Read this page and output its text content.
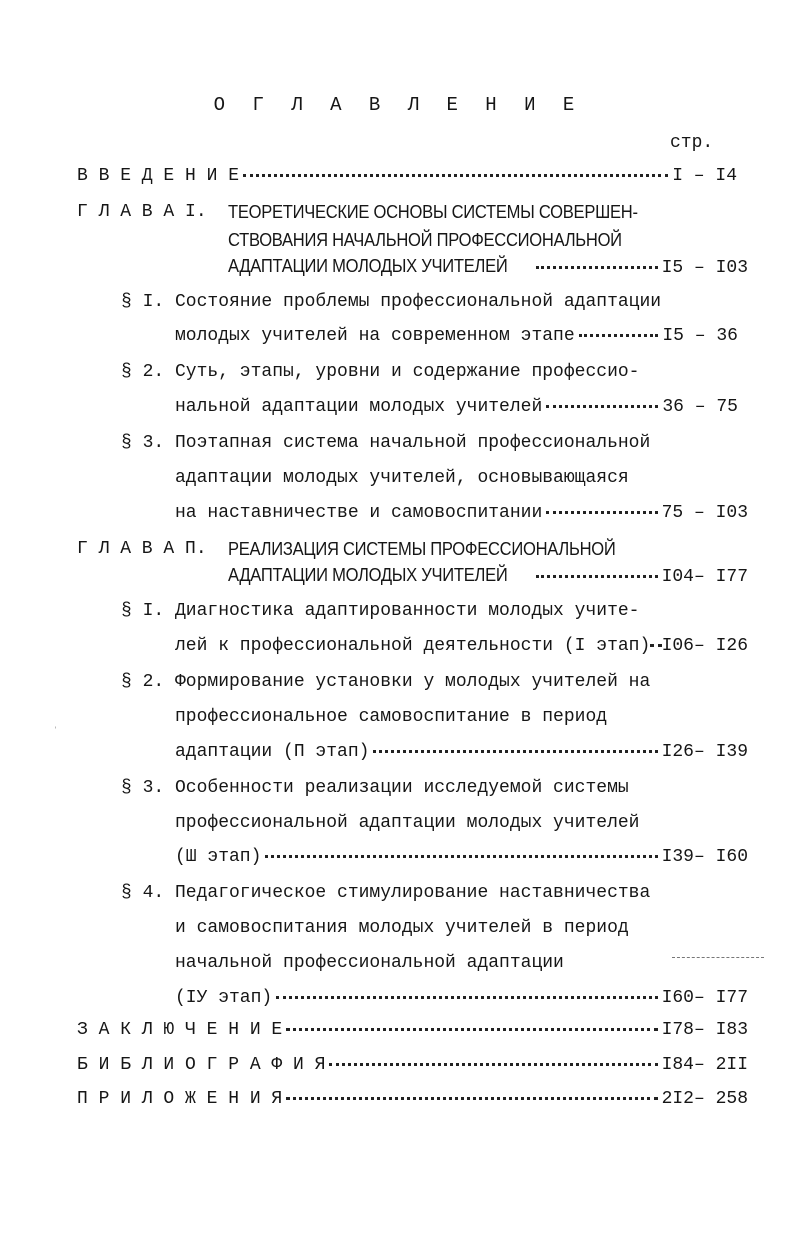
О Г Л А В Л Е Н И Е
стр.
В В Е Д Е Н И Е	I – I4
Г Л А В А I. ТЕОРЕТИЧЕСКИЕ ОСНОВЫ СИСТЕМЫ СОВЕРШЕН-
СТВОВАНИЯ НАЧАЛЬНОЙ ПРОФЕССИОНАЛЬНОЙ
АДАПТАЦИИ МОЛОДЫХ УЧИТЕЛЕЙ	I5 – I03
§ I. Состояние проблемы профессиональной адаптации
молодых учителей на современном этапе	I5 – 36
§ 2. Суть, этапы, уровни и содержание профессио-
нальной адаптации молодых учителей	36 – 75
§ 3. Поэтапная система начальной профессиональной
адаптации молодых учителей, основывающаяся
на наставничестве и самовоспитании	75 – I03
Г Л А В А П. РЕАЛИЗАЦИЯ СИСТЕМЫ ПРОФЕССИОНАЛЬНОЙ
АДАПТАЦИИ МОЛОДЫХ УЧИТЕЛЕЙ	I04– I77
§ I. Диагностика адаптированности молодых учите-
лей к профессиональной деятельности (I этап) I06– I26
§ 2. Формирование установки у молодых учителей на
профессиональное самовоспитание в период
адаптации (П этап)	I26– I39
§ 3. Особенности реализации исследуемой системы
профессиональной адаптации молодых учителей
(Ш этап)	I39– I60
§ 4. Педагогическое стимулирование наставничества
и самовоспитания молодых учителей в период
начальной профессиональной адаптации
(IУ этап)	I60– I77
З А К Л Ю Ч Е Н И Е	I78– I83
Б И Б Л И О Г Р А Ф И Я	I84– 2II
П Р И Л О Ж Е Н И Я	2I2– 258
ˌ
